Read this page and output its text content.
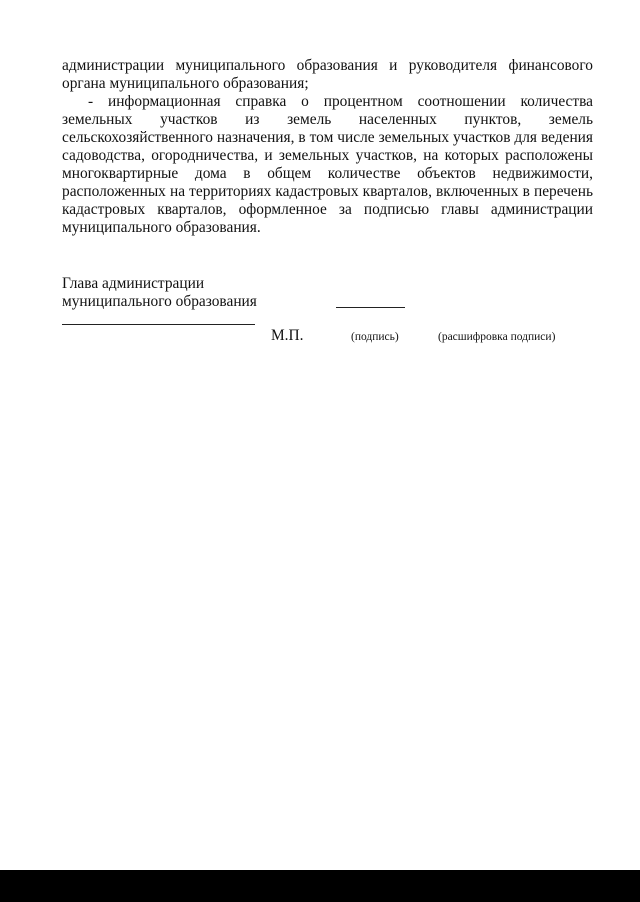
администрации муниципального образования и руководителя финансового органа муниципального образования;

- информационная справка о процентном соотношении количества земельных участков из земель населенных пунктов, земель сельскохозяйственного назначения, в том числе земельных участков для ведения садоводства, огородничества, и земельных участков, на которых расположены многоквартирные дома в общем количестве объектов недвижимости, расположенных на территориях кадастровых кварталов, включенных в перечень кадастровых кварталов, оформленное за подписью главы администрации муниципального образования.

Глава администрации
муниципального образования
М.П.	(подпись)	(расшифровка подписи)
